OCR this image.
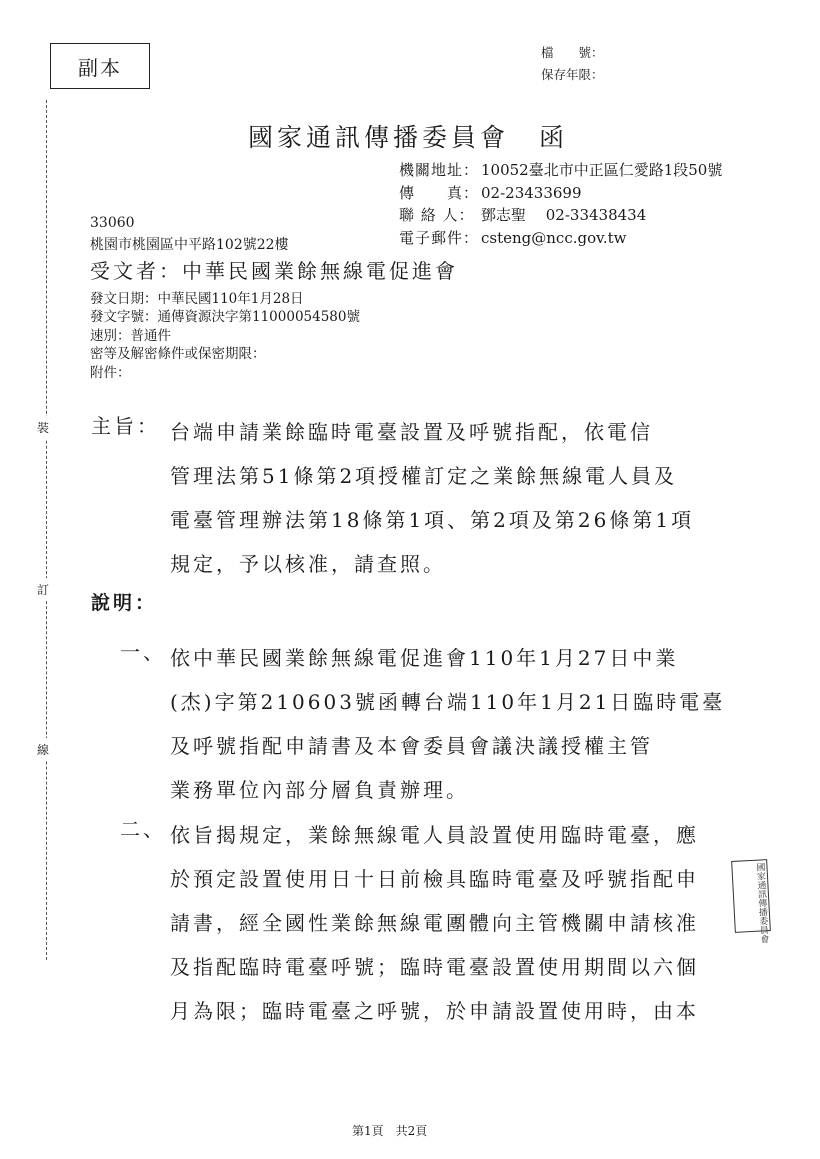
裝
訂
線
副本
檔　　號：
保存年限：
國家通訊傳播委員會 函
機關地址： 10052臺北市中正區仁愛路1段50號
傳　　真： 02-23433699
聯 絡 人： 鄧志聖　 02-33438434
電子郵件： csteng@ncc.gov.tw
33060
桃園市桃園區中平路102號22樓
受文者：中華民國業餘無線電促進會
發文日期：中華民國110年1月28日
發文字號：通傳資源決字第11000054580號
速別：普通件
密等及解密條件或保密期限：
附件：
主旨： 台端申請業餘臨時電臺設置及呼號指配，依電信
管理法第51條第2項授權訂定之業餘無線電人員及
電臺管理辦法第18條第1項、第2項及第26條第1項
規定，予以核准，請查照。
說明：
一、 依中華民國業餘無線電促進會110年1月27日中業
(杰)字第210603號函轉台端110年1月21日臨時電臺
及呼號指配申請書及本會委員會議決議授權主管
業務單位內部分層負責辦理。
二、 依旨揭規定，業餘無線電人員設置使用臨時電臺，應
於預定設置使用日十日前檢具臨時電臺及呼號指配申
請書，經全國性業餘無線電團體向主管機關申請核准
及指配臨時電臺呼號；臨時電臺設置使用期間以六個
月為限；臨時電臺之呼號，於申請設置使用時，由本
國家通訊傳播委員會
第1頁　共2頁
